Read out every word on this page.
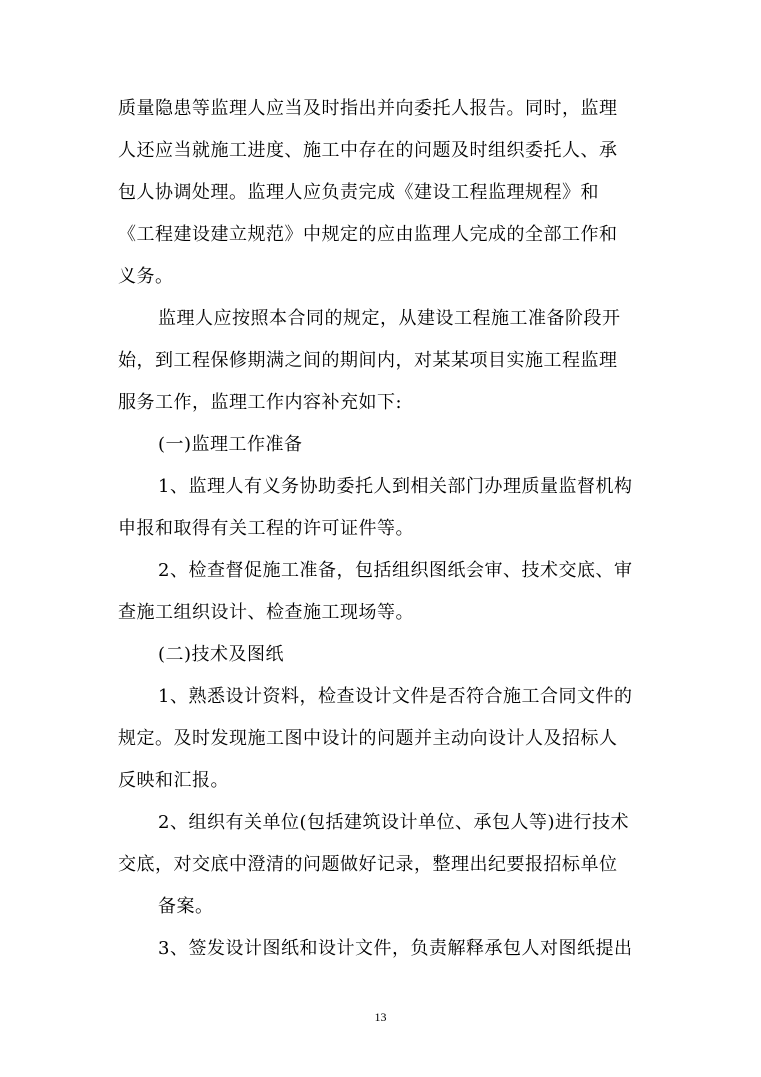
质量隐患等监理人应当及时指出并向委托人报告。同时，监理
人还应当就施工进度、施工中存在的问题及时组织委托人、承
包人协调处理。监理人应负责完成《建设工程监理规程》和
《工程建设建立规范》中规定的应由监理人完成的全部工作和
义务。
监理人应按照本合同的规定，从建设工程施工准备阶段开
始，到工程保修期满之间的期间内，对某某项目实施工程监理
服务工作，监理工作内容补充如下:
(一)监理工作准备
1、监理人有义务协助委托人到相关部门办理质量监督机构
申报和取得有关工程的许可证件等。
2、检查督促施工准备，包括组织图纸会审、技术交底、审
查施工组织设计、检查施工现场等。
(二)技术及图纸
1、熟悉设计资料，检查设计文件是否符合施工合同文件的
规定。及时发现施工图中设计的问题并主动向设计人及招标人
反映和汇报。
2、组织有关单位(包括建筑设计单位、承包人等)进行技术
交底，对交底中澄清的问题做好记录，整理出纪要报招标单位
备案。
3、签发设计图纸和设计文件，负责解释承包人对图纸提出
13
